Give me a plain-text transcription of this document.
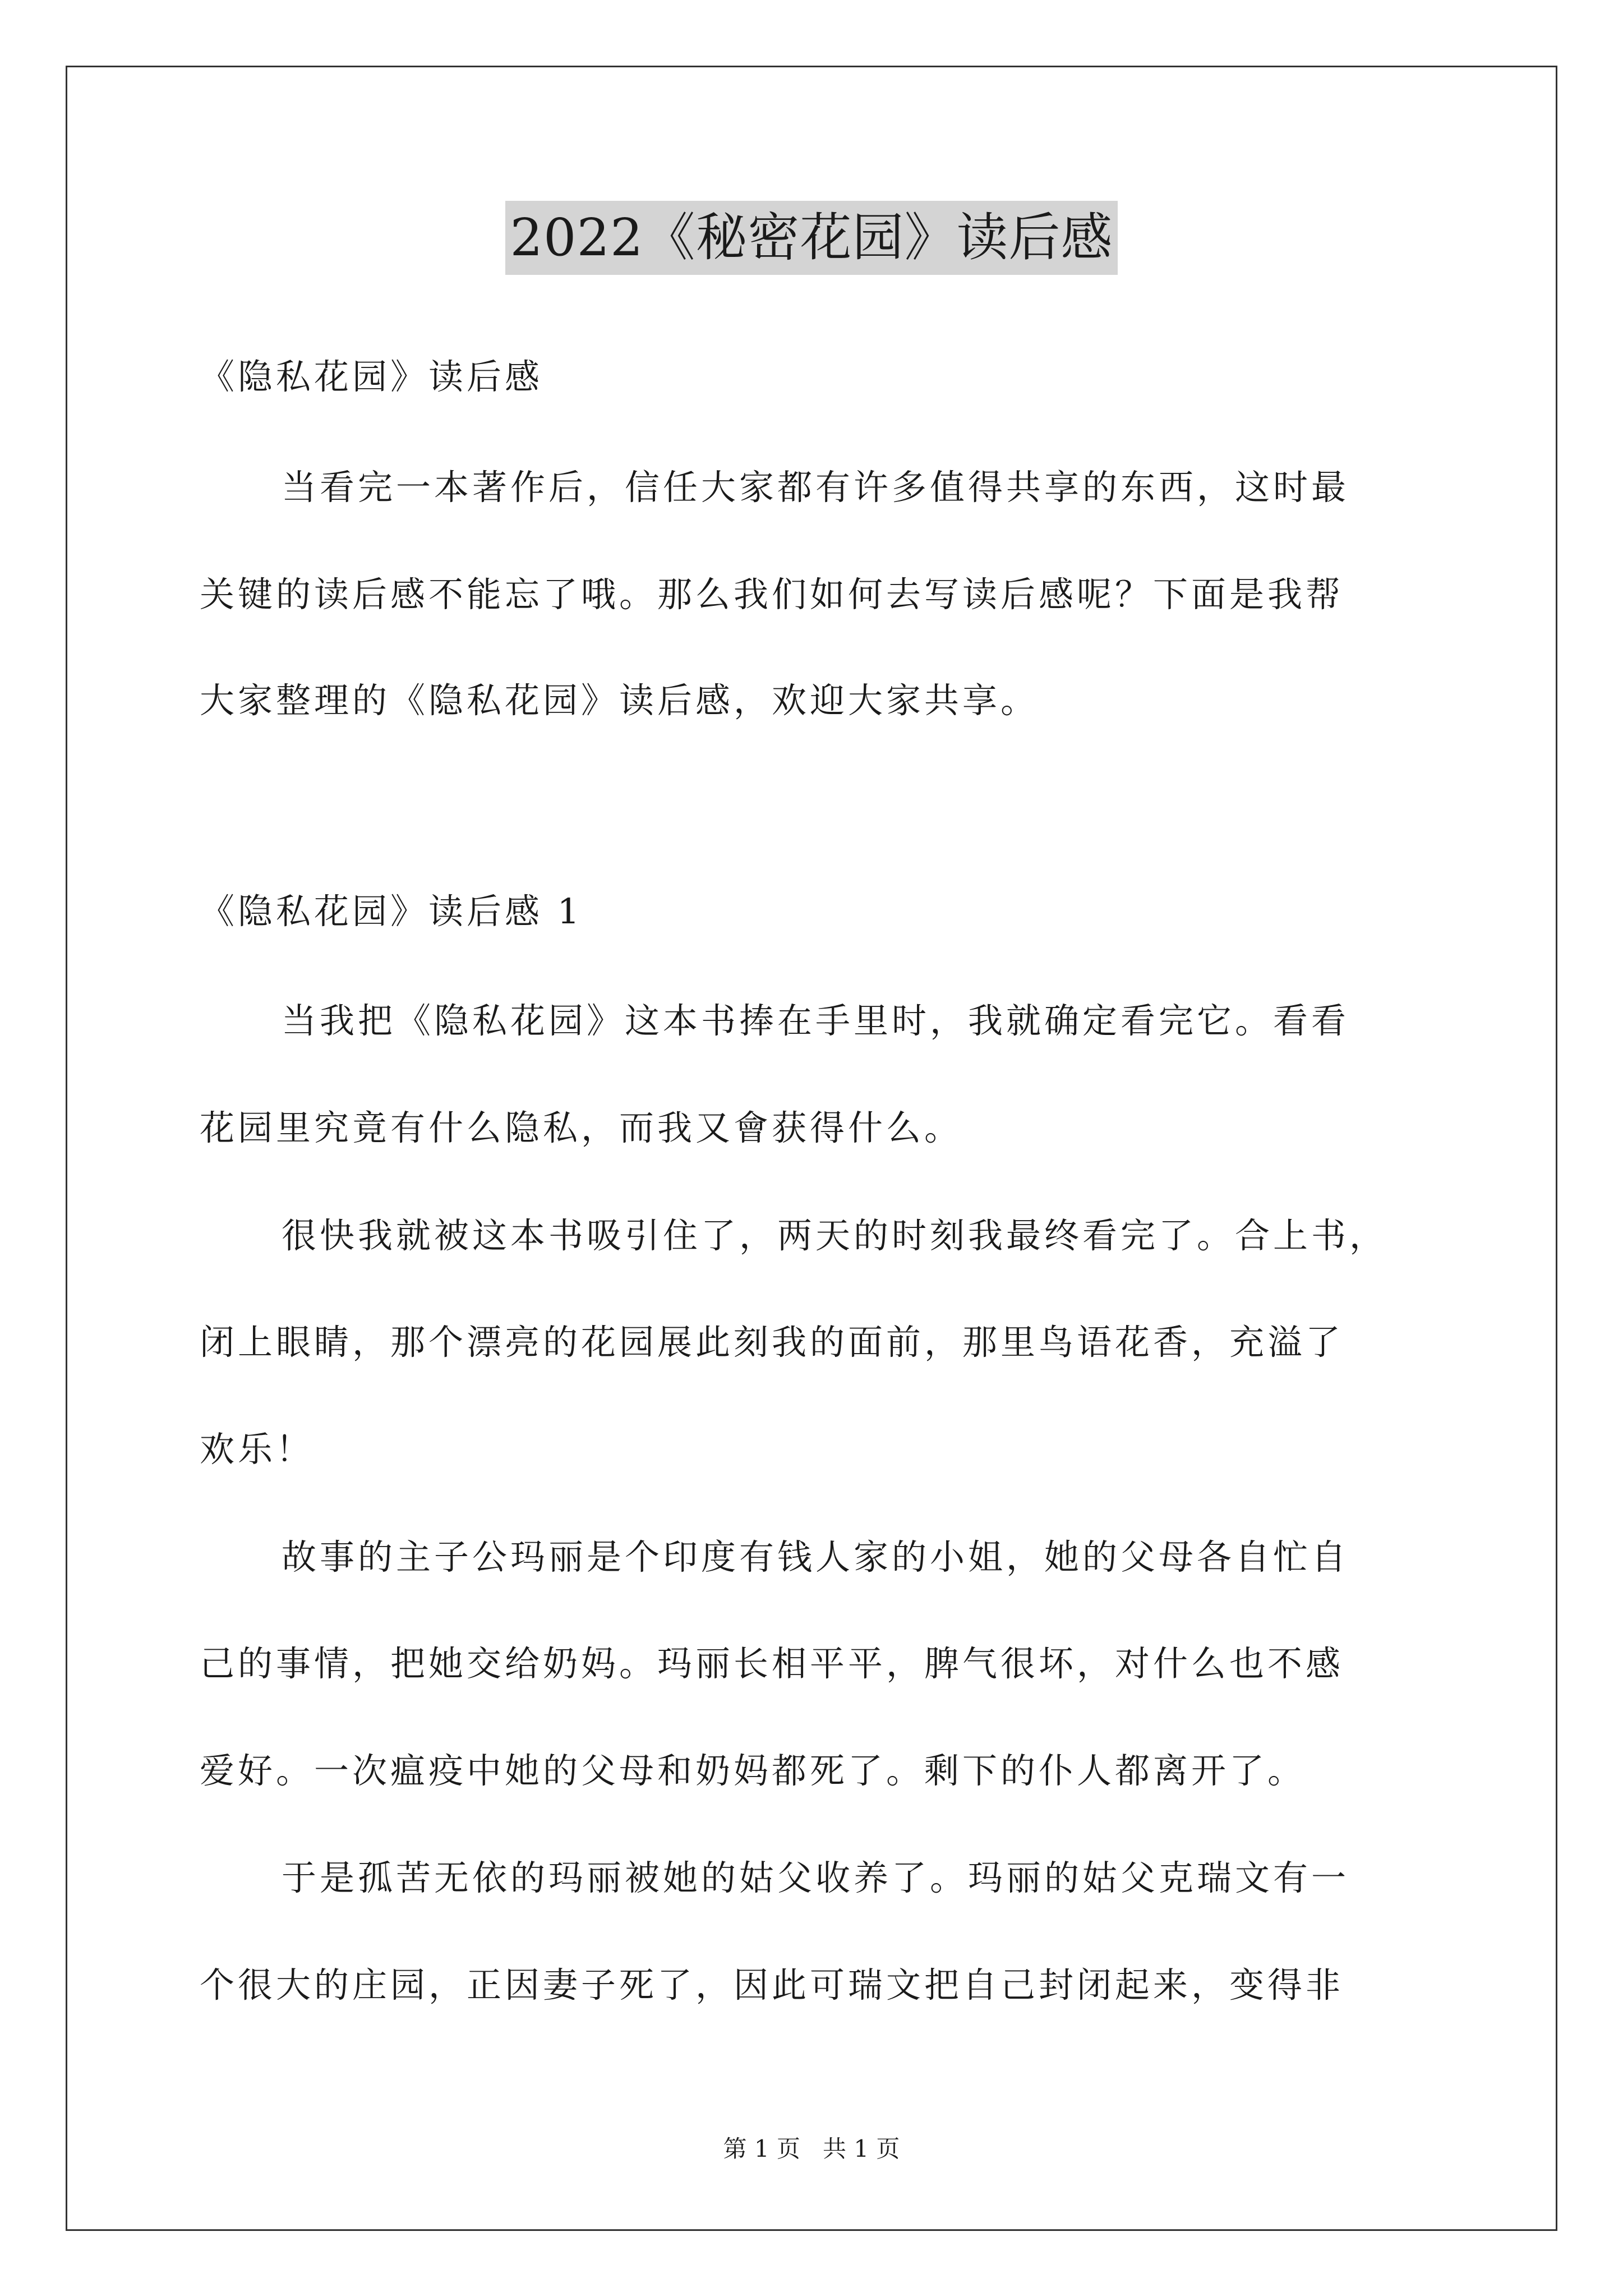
2022《秘密花园》读后感
《隐私花园》读后感
当看完一本著作后，信任大家都有许多值得共享的东西，这时最
关键的读后感不能忘了哦。那么我们如何去写读后感呢？下面是我帮
大家整理的《隐私花园》读后感，欢迎大家共享。
《隐私花园》读后感 1
当我把《隐私花园》这本书捧在手里时，我就确定看完它。看看
花园里究竟有什么隐私，而我又會获得什么。
很快我就被这本书吸引住了，两天的时刻我最终看完了。合上书，
闭上眼睛，那个漂亮的花园展此刻我的面前，那里鸟语花香，充溢了
欢乐！
故事的主子公玛丽是个印度有钱人家的小姐，她的父母各自忙自
己的事情，把她交给奶妈。玛丽长相平平，脾气很坏，对什么也不感
爱好。一次瘟疫中她的父母和奶妈都死了。剩下的仆人都离开了。
于是孤苦无依的玛丽被她的姑父收养了。玛丽的姑父克瑞文有一
个很大的庄园，正因妻子死了，因此可瑞文把自己封闭起来，变得非
第 1 页 共 1 页
